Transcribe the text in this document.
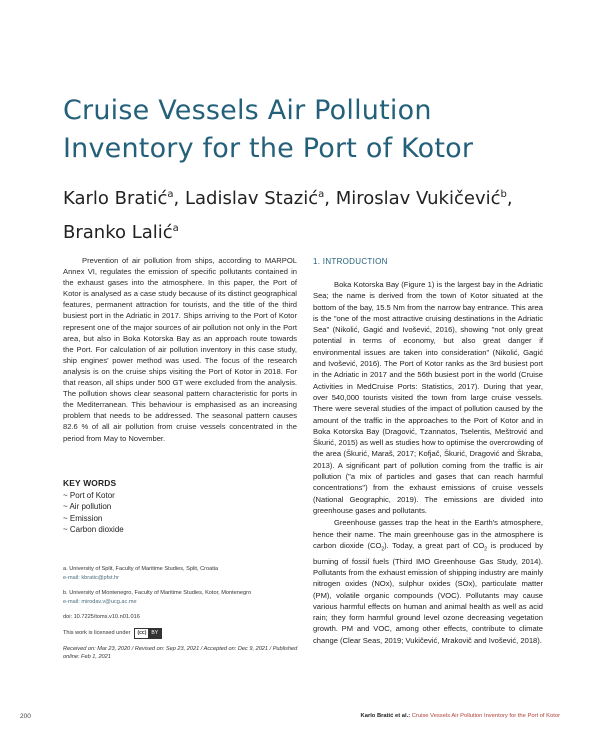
Cruise Vessels Air Pollution Inventory for the Port of Kotor
Karlo Bratić$^a$, Ladislav Stazić$^a$, Miroslav Vukičević$^b$, Branko Lalić$^a$

Prevention of air pollution from ships, according to MARPOL Annex VI, regulates the emission of specific pollutants contained in the exhaust gases into the atmosphere. In this paper, the Port of Kotor is analysed as a case study because of its distinct geographical features, permanent attraction for tourists, and the title of the third busiest port in the Adriatic in 2017. Ships arriving to the Port of Kotor represent one of the major sources of air pollution not only in the Port area, but also in Boka Kotorska Bay as an approach route towards the Port. For calculation of air pollution inventory in this case study, ship engines' power method was used. The focus of the research analysis is on the cruise ships visiting the Port of Kotor in 2018. For that reason, all ships under 500 GT were excluded from the analysis. The pollution shows clear seasonal pattern characteristic for ports in the Mediterranean. This behaviour is emphasised as an increasing problem that needs to be addressed. The seasonal pattern causes 82.6 % of all air pollution from cruise vessels concentrated in the period from May to November.

KEY WORDS
~ Port of Kotor
~ Air pollution
~ Emission
~ Carbon dioxide
a. University of Split, Faculty of Maritime Studies, Split, Croatia
e-mail: kbratic@pfst.hr
b. University of Montenegro, Faculty of Maritime Studies, Kotor, Montenegro
e-mail: mirodav.v@ucg.ac.me
doi: 10.7225/toms.v10.n01.016
This work is licensed under	(cc)	BY
Received on: Mar 23, 2020 / Revised on: Sep 23, 2021 / Accepted on: Dec 9, 2021 / Published online: Feb 1, 2021
1. INTRODUCTION

Boka Kotorska Bay (Figure 1) is the largest bay in the Adriatic Sea; the name is derived from the town of Kotor situated at the bottom of the bay, 15.5 Nm from the narrow bay entrance. This area is the "one of the most attractive cruising destinations in the Adriatic Sea" (Nikolić, Gagić and Ivošević, 2016), showing "not only great potential in terms of economy, but also great danger if environmental issues are taken into consideration" (Nikolić, Gagić and Ivošević, 2016). The Port of Kotor ranks as the 3rd busiest port in the Adriatic in 2017 and the 56th busiest port in the world (Cruise Activities in MedCruise Ports: Statistics, 2017). During that year, over 540,000 tourists visited the town from large cruise vessels. There were several studies of the impact of pollution caused by the amount of the traffic in the approaches to the Port of Kotor and in Boka Kotorska Bay (Dragović, Tzannatos, Tselentis, Meštrović and Škurić, 2015) as well as studies how to optimise the overcrowding of the area (Škurić, Maraš, 2017; Kofjač, Škurić, Dragović and Škraba, 2013). A significant part of pollution coming from the traffic is air pollution ("a mix of particles and gases that can reach harmful concentrations") from the exhaust emissions of cruise vessels (National Geographic, 2019). The emissions are divided into greenhouse gases and pollutants.

Greenhouse gasses trap the heat in the Earth's atmosphere, hence their name. The main greenhouse gas in the atmosphere is carbon dioxide $(CO_2)$. Today, a great part of $CO_2$ is produced by burning of fossil fuels (Third IMO Greenhouse Gas Study, 2014). Pollutants from the exhaust emission of shipping industry are mainly nitrogen oxides (NOx), sulphur oxides (SOx), particulate matter (PM), volatile organic compounds (VOC). Pollutants may cause various harmful effects on human and animal health as well as acid rain; they form harmful ground level ozone decreasing vegetation growth. PM and VOC, among other effects, contribute to climate change (Clear Seas, 2019; Vukičević, Mrakovič and Ivošević, 2018).

200	Karlo Bratić et al.: Cruise Vessels Air Pollution Inventory for the Port of Kotor
